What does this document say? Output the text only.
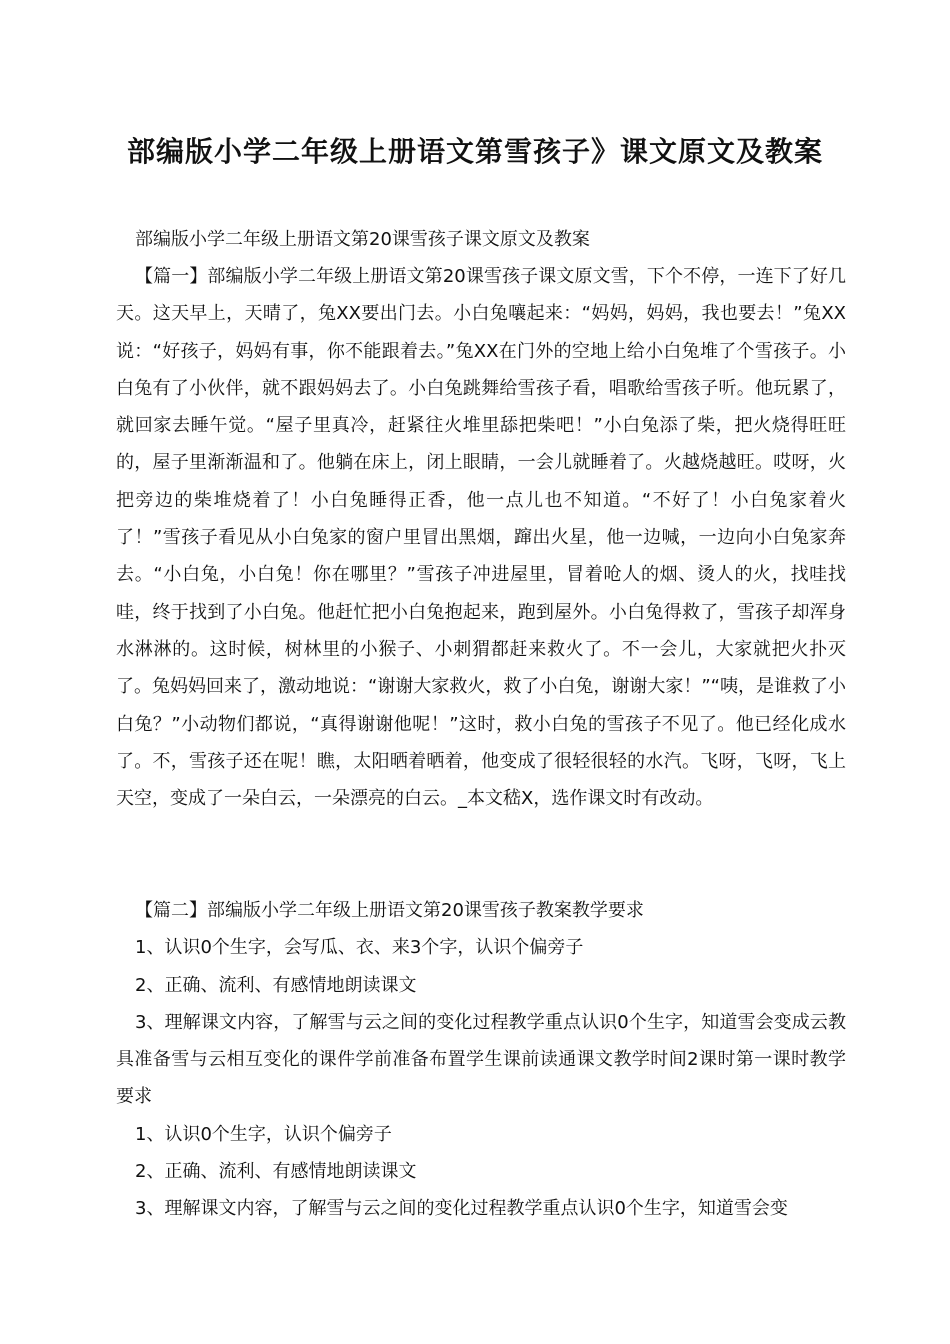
部编版小学二年级上册语文第雪孩子》课文原文及教案

部编版小学二年级上册语文第20课雪孩子课文原文及教案

【篇一】部编版小学二年级上册语文第20课雪孩子课文原文雪，下个不停，一连下了好几天。这天早上，天晴了，兔XX要出门去。小白兔嚷起来：“妈妈，妈妈，我也要去！”兔XX说：“好孩子，妈妈有事，你不能跟着去。”兔XX在门外的空地上给小白兔堆了个雪孩子。小白兔有了小伙伴，就不跟妈妈去了。小白兔跳舞给雪孩子看，唱歌给雪孩子听。他玩累了，就回家去睡午觉。“屋子里真冷，赶紧往火堆里舔把柴吧！”小白兔添了柴，把火烧得旺旺的，屋子里渐渐温和了。他躺在床上，闭上眼睛，一会儿就睡着了。火越烧越旺。哎呀，火把旁边的柴堆烧着了！小白兔睡得正香，他一点儿也不知道。“不好了！小白兔家着火了！”雪孩子看见从小白兔家的窗户里冒出黑烟，蹿出火星，他一边喊，一边向小白兔家奔去。“小白兔，小白兔！你在哪里？”雪孩子冲进屋里，冒着呛人的烟、烫人的火，找哇找哇，终于找到了小白兔。他赶忙把小白兔抱起来，跑到屋外。小白兔得救了，雪孩子却浑身水淋淋的。这时候，树林里的小猴子、小刺猬都赶来救火了。不一会儿，大家就把火扑灭了。兔妈妈回来了，激动地说：“谢谢大家救火，救了小白兔，谢谢大家！”“咦，是谁救了小白兔？”小动物们都说，“真得谢谢他呢！”这时，救小白兔的雪孩子不见了。他已经化成水了。不，雪孩子还在呢！瞧，太阳晒着晒着，他变成了很轻很轻的水汽。飞呀，飞呀，飞上天空，变成了一朵白云，一朵漂亮的白云。_本文嵇X，选作课文时有改动。

【篇二】部编版小学二年级上册语文第20课雪孩子教案教学要求

1、认识0个生字，会写瓜、衣、来3个字，认识个偏旁子

2、正确、流利、有感情地朗读课文

3、理解课文内容，了解雪与云之间的变化过程教学重点认识0个生字，知道雪会变成云教具准备雪与云相互变化的课件学前准备布置学生课前读通课文教学时间2课时第一课时教学要求

1、认识0个生字，认识个偏旁子

2、正确、流利、有感情地朗读课文

3、理解课文内容，了解雪与云之间的变化过程教学重点认识0个生字，知道雪会变
